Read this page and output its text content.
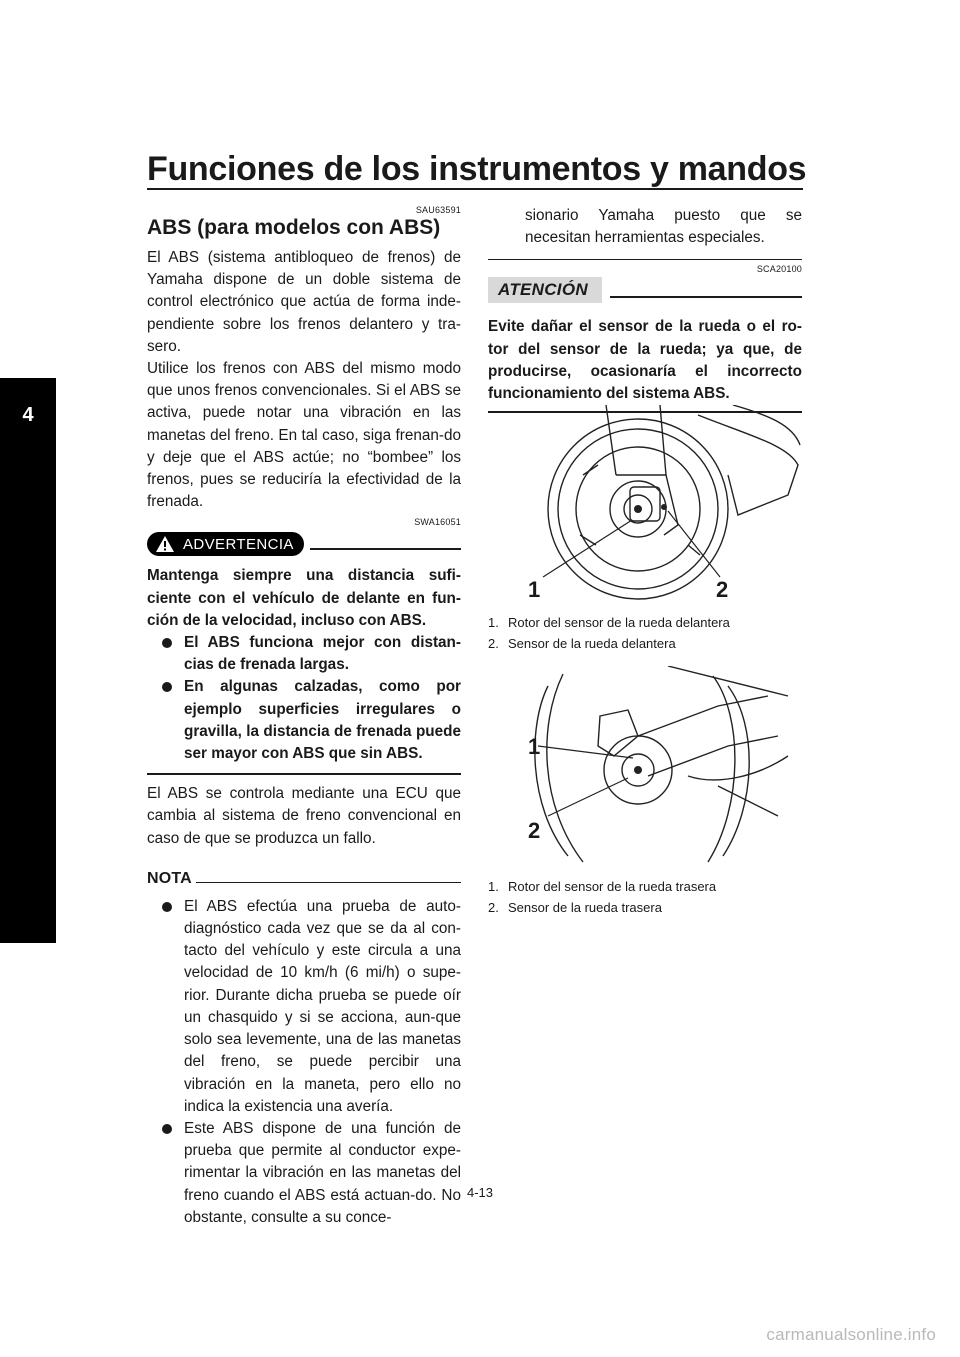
Funciones de los instrumentos y mandos
4
SAU63591
ABS (para modelos con ABS)

El ABS (sistema antibloqueo de frenos) de Yamaha dispone de un doble sistema de control electrónico que actúa de forma inde-pendiente sobre los frenos delantero y tra-sero.

Utilice los frenos con ABS del mismo modo que unos frenos convencionales. Si el ABS se activa, puede notar una vibración en las manetas del freno. En tal caso, siga frenan-do y deje que el ABS actúe; no “bombee” los frenos, pues se reduciría la efectividad de la frenada.

SWA16051
ADVERTENCIA

Mantenga siempre una distancia sufi-ciente con el vehículo de delante en fun-ción de la velocidad, incluso con ABS.

El ABS funciona mejor con distan-cias de frenada largas.
En algunas calzadas, como por ejemplo superficies irregulares o gravilla, la distancia de frenada puede ser mayor con ABS que sin ABS.

El ABS se controla mediante una ECU que cambia al sistema de freno convencional en caso de que se produzca un fallo.

NOTA
El ABS efectúa una prueba de auto-diagnóstico cada vez que se da al con-tacto del vehículo y este circula a una velocidad de 10 km/h (6 mi/h) o supe-rior. Durante dicha prueba se puede oír un chasquido y si se acciona, aun-que solo sea levemente, una de las manetas del freno, se puede percibir una vibración en la maneta, pero ello no indica la existencia una avería.
Este ABS dispone de una función de prueba que permite al conductor expe-rimentar la vibración en las manetas del freno cuando el ABS está actuan-do. No obstante, consulte a su conce-

sionario Yamaha puesto que se necesitan herramientas especiales.

SCA20100
ATENCIÓN

Evite dañar el sensor de la rueda o el ro-tor del sensor de la rueda; ya que, de producirse, ocasionaría el incorrecto funcionamiento del sistema ABS.

1	2
1. Rotor del sensor de la rueda delantera
2. Sensor de la rueda delantera
1
2
1. Rotor del sensor de la rueda trasera
2. Sensor de la rueda trasera
4-13
carmanualsonline.info
